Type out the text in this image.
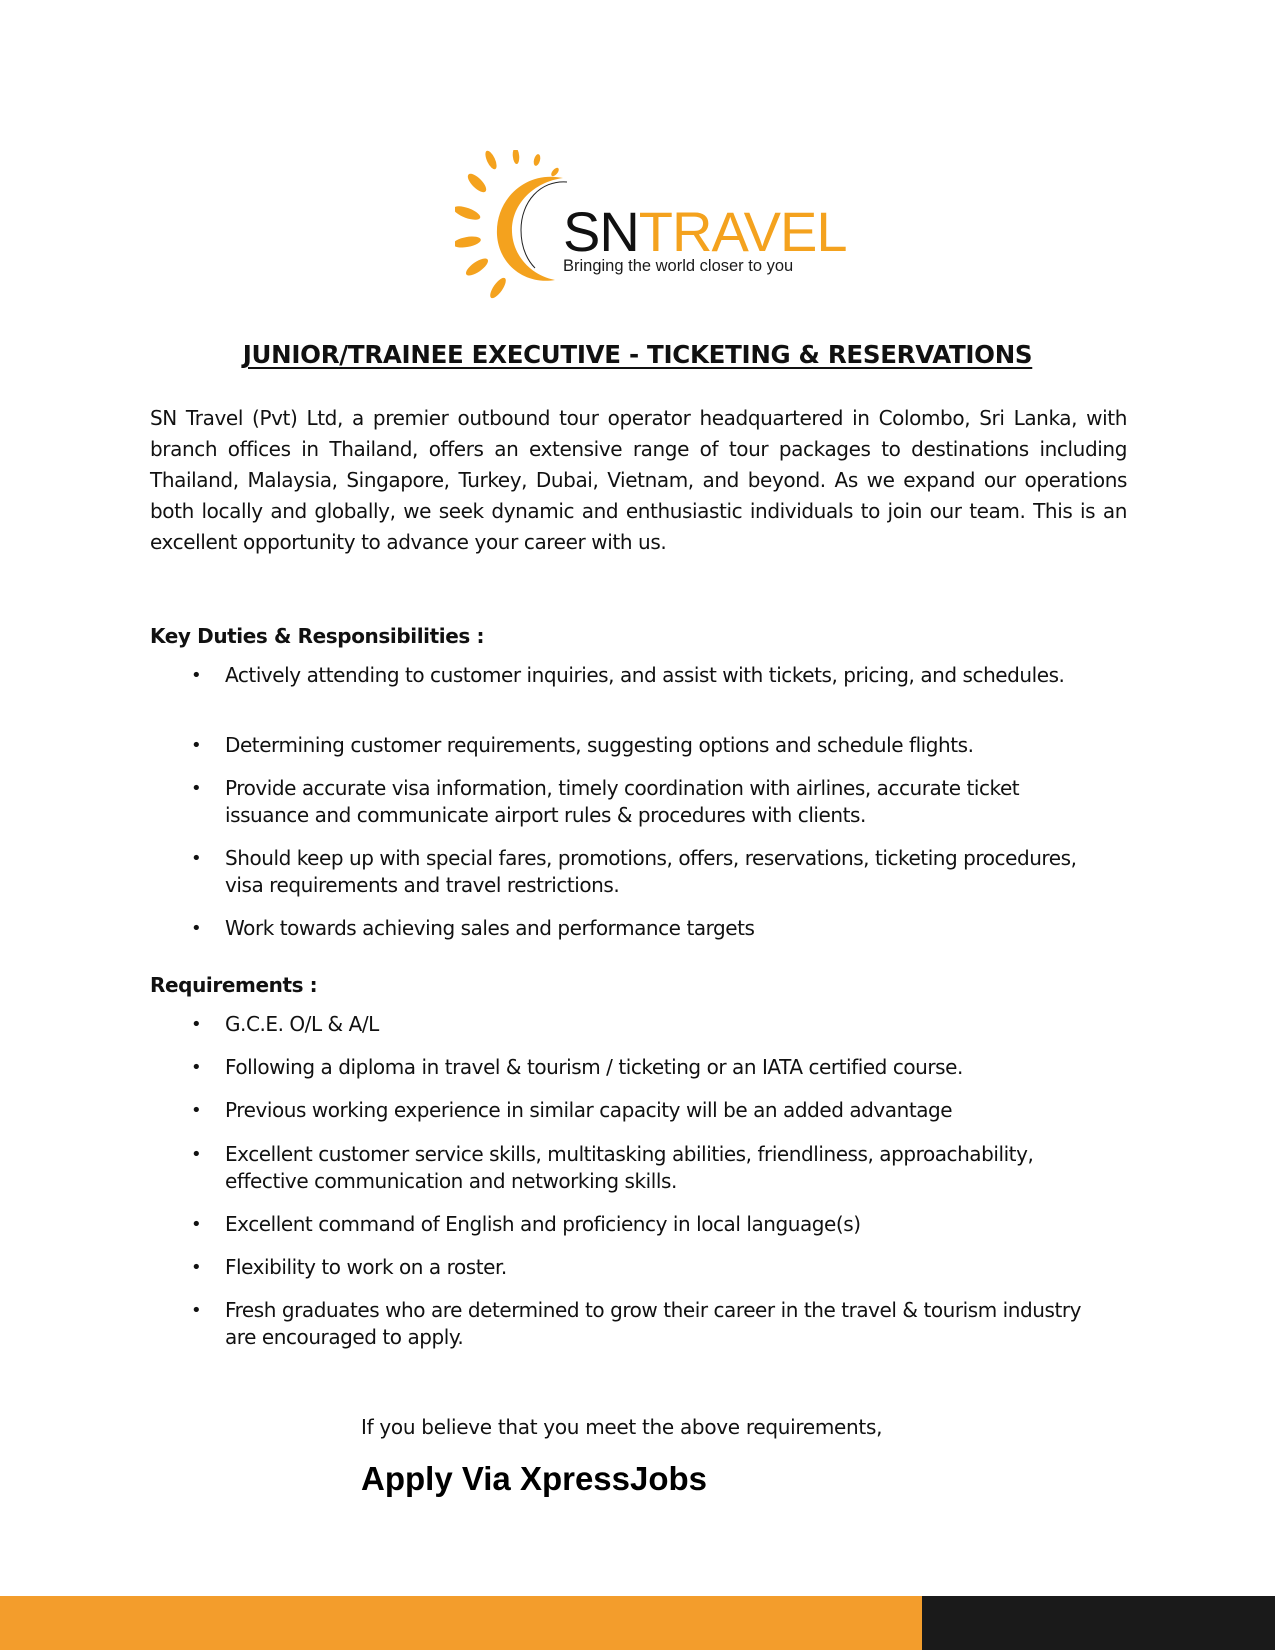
SNTRAVEL
Bringing the world closer to you
JUNIOR/TRAINEE EXECUTIVE - TICKETING & RESERVATIONS
SN Travel (Pvt) Ltd, a premier outbound tour operator headquartered in Colombo, Sri Lanka, with branch offices in Thailand, offers an extensive range of tour packages to destinations including Thailand, Malaysia, Singapore, Turkey, Dubai, Vietnam, and beyond. As we expand our operations both locally and globally, we seek dynamic and enthusiastic individuals to join our team. This is an excellent opportunity to advance your career with us.
Key Duties & Responsibilities :
• Actively attending to customer inquiries, and assist with tickets, pricing, and schedules.
• Determining customer requirements, suggesting options and schedule flights.
• Provide accurate visa information, timely coordination with airlines, accurate ticket issuance and communicate airport rules & procedures with clients.
• Should keep up with special fares, promotions, offers, reservations, ticketing procedures, visa requirements and travel restrictions.
• Work towards achieving sales and performance targets
Requirements :
• G.C.E. O/L & A/L
• Following a diploma in travel & tourism / ticketing or an IATA certified course.
• Previous working experience in similar capacity will be an added advantage
• Excellent customer service skills, multitasking abilities, friendliness, approachability, effective communication and networking skills.
• Excellent command of English and proficiency in local language(s)
• Flexibility to work on a roster.
• Fresh graduates who are determined to grow their career in the travel & tourism industry are encouraged to apply.
If you believe that you meet the above requirements,
Apply Via XpressJobs
